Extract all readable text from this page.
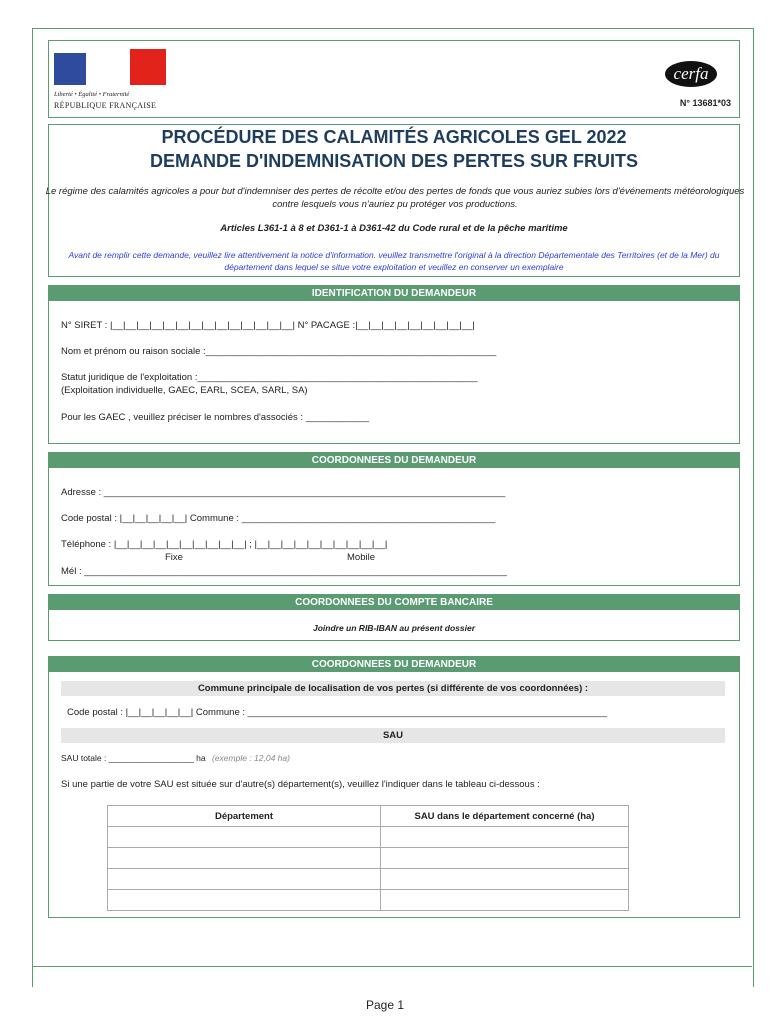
Liberté • Égalité • Fraternité
RÉPUBLIQUE FRANÇAISE
cerfa
N° 13681*03
PROCÉDURE DES CALAMITÉS AGRICOLES GEL 2022
DEMANDE D'INDEMNISATION DES PERTES SUR FRUITS
Le régime des calamités agricoles a pour but d'indemniser des pertes de récolte et/ou des pertes de fonds que vous auriez subies lors d'événements météorologiques contre lesquels vous n'auriez pu protéger vos productions.
Articles L361-1 à 8 et D361-1 à D361-42 du Code rural et de la pêche maritime
Avant de remplir cette demande, veuillez lire attentivement la notice d'information. veuillez transmettre l'original à la direction Départementale des Territoires (et de la Mer) du département dans lequel se situe votre exploitation et veuillez en conserver un exemplaire
IDENTIFICATION DU DEMANDEUR
N° SIRET : |__|__|__|__|__|__|__|__|__|__|__|__|__|__| N° PACAGE :|__|__|__|__|__|__|__|__|__|
Nom et prénom ou raison sociale :_______________________________________________________
Statut juridique de l'exploitation :_____________________________________________________
(Exploitation individuelle, GAEC, EARL, SCEA, SARL, SA)
Pour les GAEC , veuillez préciser le nombres d'associés : ____________
COORDONNEES DU DEMANDEUR
Adresse : ____________________________________________________________________________
Code postal : |__|__|__|__|__| Commune : ________________________________________________
Téléphone : |__|__|__|__|__|__|__|__|__|__| ; |__|__|__|__|__|__|__|__|__|__|
Fixe	Mobile
Mél : ________________________________________________________________________________
COORDONNEES DU COMPTE BANCAIRE
Joindre un RIB-IBAN au présent dossier
COORDONNEES DU DEMANDEUR
Commune principale de localisation de vos pertes (si différente de vos coordonnées) :
Code postal : |__|__|__|__|__| Commune : ____________________________________________________________________
SAU
SAU totale : __________________ ha (exemple : 12,04 ha)
Si une partie de votre SAU est située sur d'autre(s) département(s), veuillez l'indiquer dans le tableau ci-dessous :
Département	SAU dans le département concerné (ha)

Page 1
